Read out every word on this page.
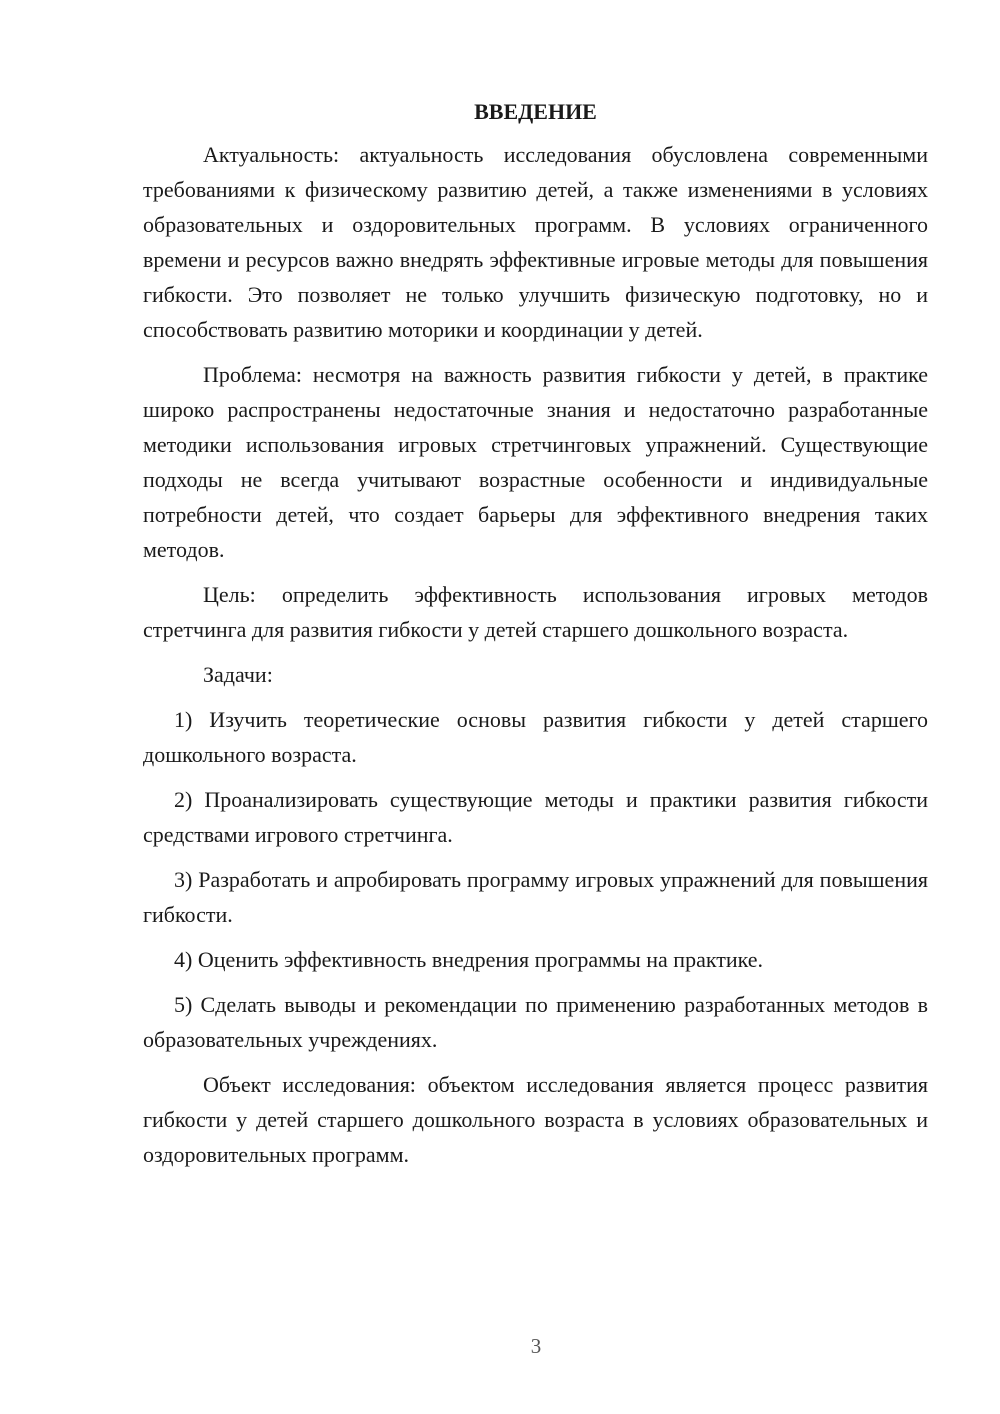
ВВЕДЕНИЕ

Актуальность: актуальность исследования обусловлена современными требованиями к физическому развитию детей, а также изменениями в условиях образовательных и оздоровительных программ. В условиях ограниченного времени и ресурсов важно внедрять эффективные игровые методы для повышения гибкости. Это позволяет не только улучшить физическую подготовку, но и способствовать развитию моторики и координации у детей.

Проблема: несмотря на важность развития гибкости у детей, в практике широко распространены недостаточные знания и недостаточно разработанные методики использования игровых стретчинговых упражнений. Существующие подходы не всегда учитывают возрастные особенности и индивидуальные потребности детей, что создает барьеры для эффективного внедрения таких методов.

Цель: определить эффективность использования игровых методов стретчинга для развития гибкости у детей старшего дошкольного возраста.

Задачи:

1) Изучить теоретические основы развития гибкости у детей старшего дошкольного возраста.

2) Проанализировать существующие методы и практики развития гибкости средствами игрового стретчинга.

3) Разработать и апробировать программу игровых упражнений для повышения гибкости.

4) Оценить эффективность внедрения программы на практике.

5) Сделать выводы и рекомендации по применению разработанных методов в образовательных учреждениях.

Объект исследования: объектом исследования является процесс развития гибкости у детей старшего дошкольного возраста в условиях образовательных и оздоровительных программ.

3
